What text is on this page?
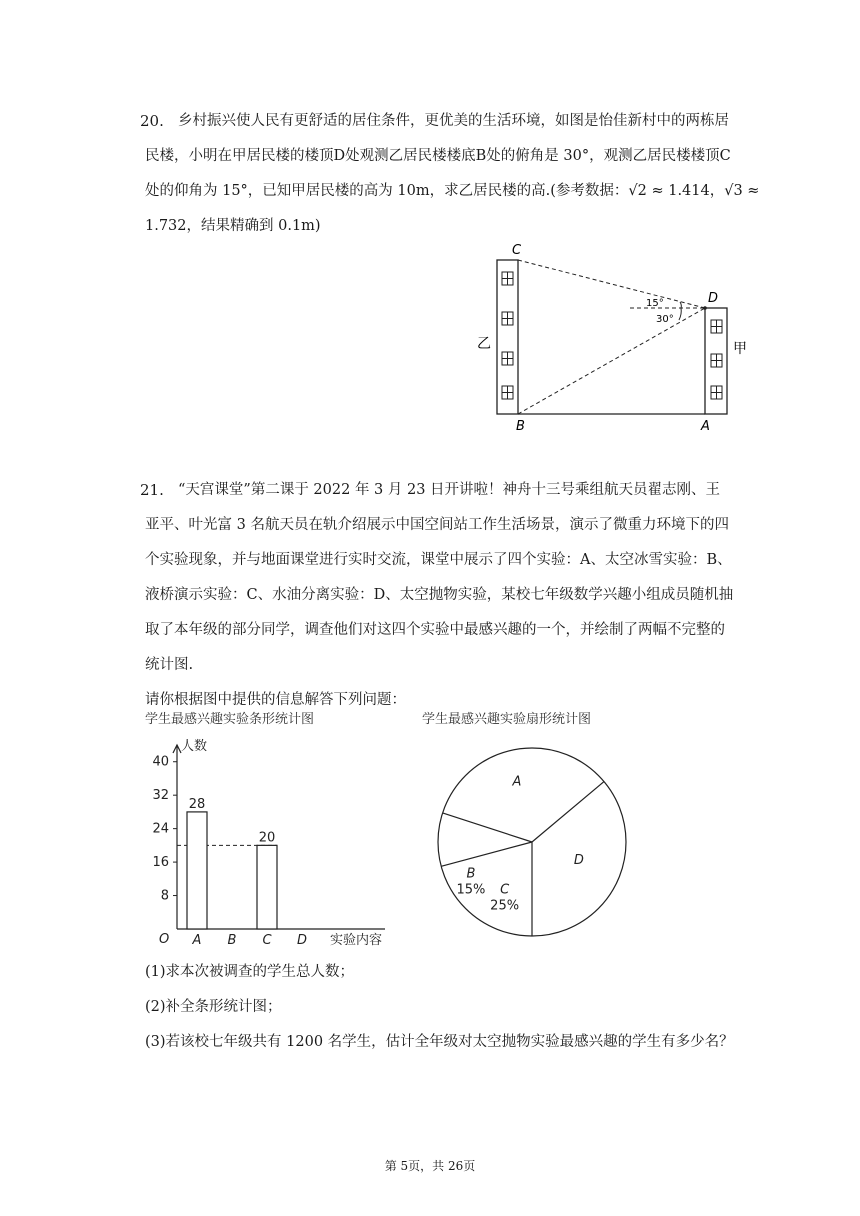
20. 乡村振兴使人民有更舒适的居住条件，更优美的生活环境，如图是怡佳新村中的两栋居
民楼，小明在甲居民楼的楼顶D处观测乙居民楼楼底B处的俯角是 30°，观测乙居民楼楼顶C
处的仰角为 15°，已知甲居民楼的高为 10m，求乙居民楼的高.(参考数据：√2 ≈ 1.414，√3 ≈
1.732，结果精确到 0.1m)
C
D
B	A
15°
30°
乙	甲
21. “天宫课堂”第二课于 2022 年 3 月 23 日开讲啦！神舟十三号乘组航天员翟志刚、王
亚平、叶光富 3 名航天员在轨介绍展示中国空间站工作生活场景，演示了微重力环境下的四
个实验现象，并与地面课堂进行实时交流，课堂中展示了四个实验：A、太空冰雪实验：B、
液桥演示实验：C、水油分离实验：D、太空抛物实验，某校七年级数学兴趣小组成员随机抽
取了本年级的部分同学，调查他们对这四个实验中最感兴趣的一个，并绘制了两幅不完整的
统计图.
请你根据图中提供的信息解答下列问题：
学生最感兴趣实验条形统计图
人数
实验内容
O
8
16
24
32
40
28
A B
20
C D
学生最感兴趣实验扇形统计图
A
B
15% C
25%
D
(1)求本次被调查的学生总人数；
(2)补全条形统计图；
(3)若该校七年级共有 1200 名学生，估计全年级对太空抛物实验最感兴趣的学生有多少名？
第 5页，共 26页
